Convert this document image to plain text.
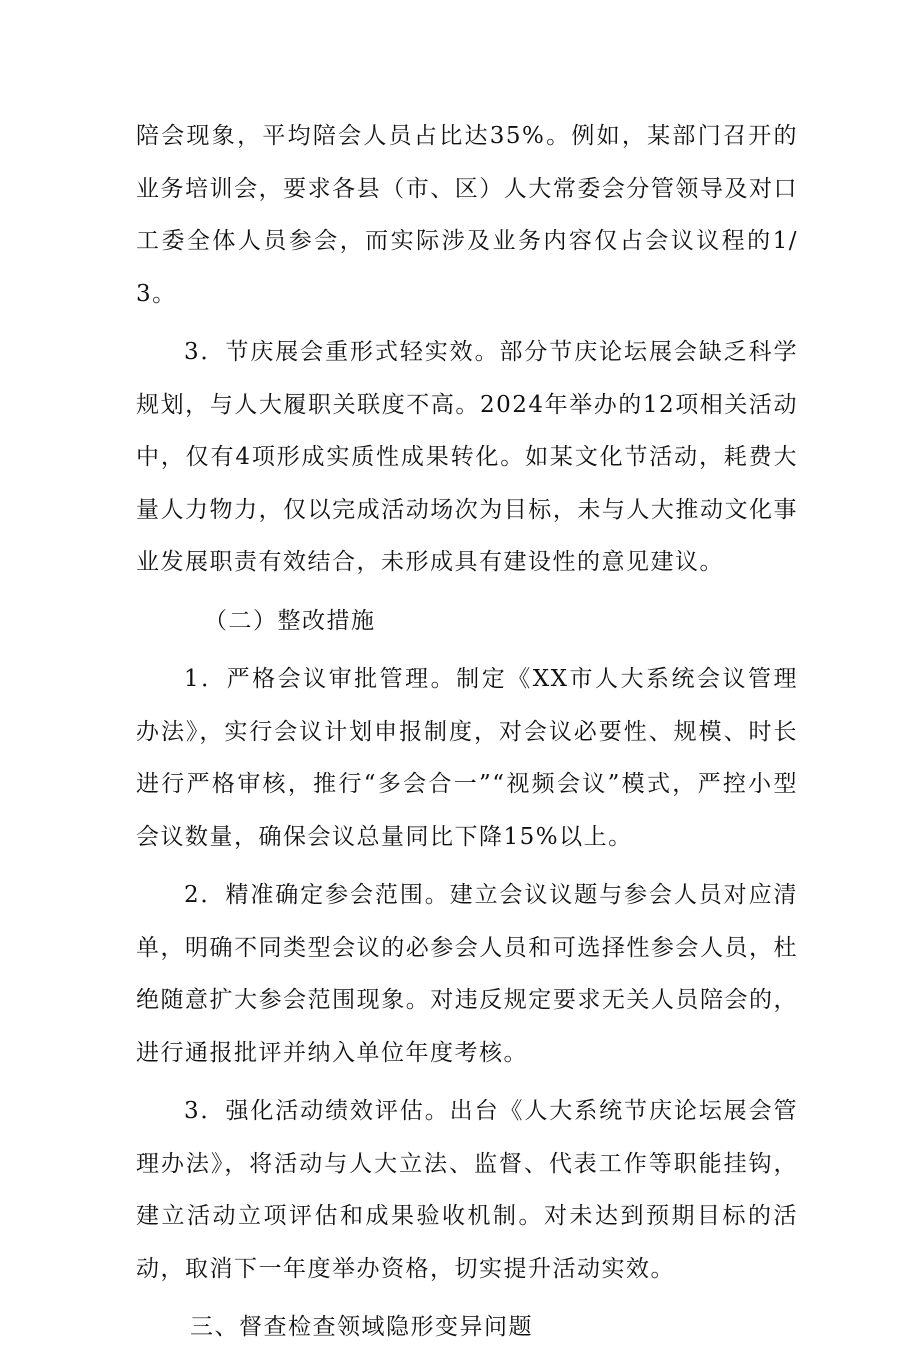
陪会现象，平均陪会人员占比达35%。例如，某部门召开的业务培训会，要求各县（市、区）人大常委会分管领导及对口工委全体人员参会，而实际涉及业务内容仅占会议议程的1/3。

3．节庆展会重形式轻实效。部分节庆论坛展会缺乏科学规划，与人大履职关联度不高。2024年举办的12项相关活动中，仅有4项形成实质性成果转化。如某文化节活动，耗费大量人力物力，仅以完成活动场次为目标，未与人大推动文化事业发展职责有效结合，未形成具有建设性的意见建议。

（二）整改措施

1．严格会议审批管理。制定《XX市人大系统会议管理办法》，实行会议计划申报制度，对会议必要性、规模、时长进行严格审核，推行“多会合一”“视频会议”模式，严控小型会议数量，确保会议总量同比下降15%以上。

2．精准确定参会范围。建立会议议题与参会人员对应清单，明确不同类型会议的必参会人员和可选择性参会人员，杜绝随意扩大参会范围现象。对违反规定要求无关人员陪会的，进行通报批评并纳入单位年度考核。

3．强化活动绩效评估。出台《人大系统节庆论坛展会管理办法》，将活动与人大立法、监督、代表工作等职能挂钩，建立活动立项评估和成果验收机制。对未达到预期目标的活动，取消下一年度举办资格，切实提升活动实效。

三、督查检查领域隐形变异问题
